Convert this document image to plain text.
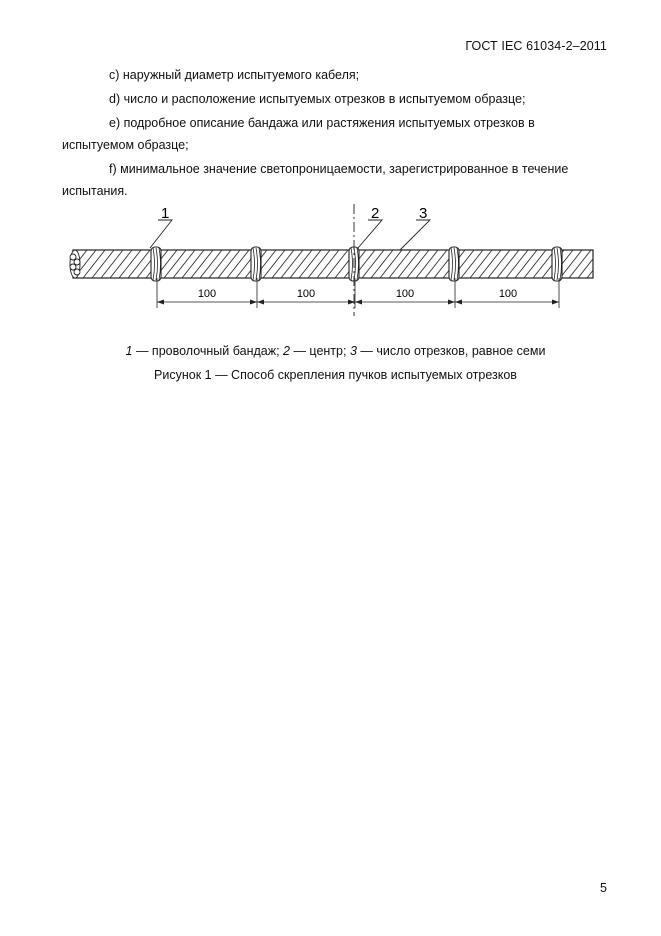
ГОСТ IEC 61034-2–2011
c) наружный диаметр испытуемого кабеля;
d) число и расположение испытуемых отрезков в испытуемом образце;
e) подробное описание бандажа или растяжения испытуемых отрезков в
испытуемом образце;
f) минимальное значение светопроницаемости, зарегистрированное в течение
испытания.
1	2	3
100	100	100	100
1 — проволочный бандаж; 2 — центр; 3 — число отрезков, равное семи
Рисунок 1 — Способ скрепления пучков испытуемых отрезков
5
